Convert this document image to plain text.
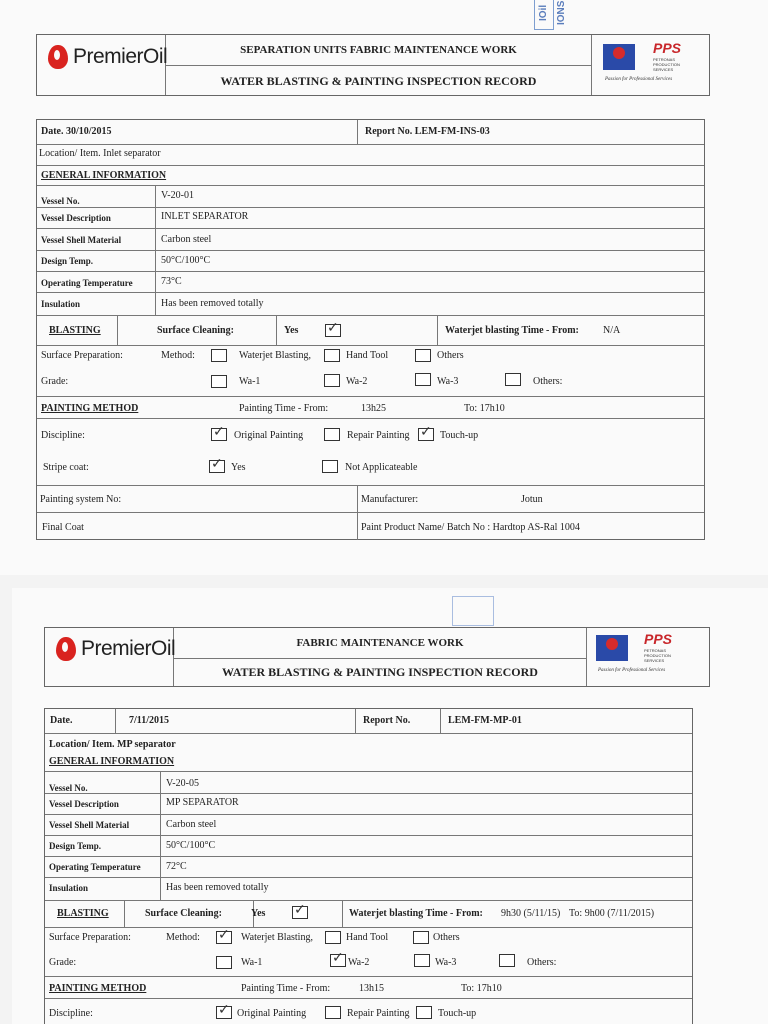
IOil IONS
PremierOil	SEPARATION UNITS FABRIC MAINTENANCE WORK
WATER BLASTING & PAINTING INSPECTION RECORD
PPS
PETRONAS PRODUCTION SERVICES
Passion for Professional Services
Date. 30/10/2015	Report No. LEM-FM-INS-03
Location/ Item. Inlet separator
GENERAL INFORMATION
Vessel No.	V-20-01
Vessel Description	INLET SEPARATOR
Vessel Shell Material	Carbon steel
Design Temp.	50°C/100°C
Operating Temperature	73°C
Insulation	Has been removed totally
BLASTING	Surface Cleaning:	Yes ✓	Waterjet blasting Time - From: N/A
Surface Preparation:	Method:	Waterjet Blasting,	Hand Tool	Others
Grade:	Wa-1	Wa-2	Wa-3	Others:
PAINTING METHOD	Painting Time - From:	13h25	To: 17h10
Discipline:	✓ Original Painting	Repair Painting ✓ Touch-up
Stripe coat:	✓ Yes	Not Applicateable
Painting system No:	Manufacturer:	Jotun
Final Coat	Paint Product Name/ Batch No : Hardtop AS-Ral 1004
PremierOil	FABRIC MAINTENANCE WORK
WATER BLASTING & PAINTING INSPECTION RECORD
PPS
PETRONAS PRODUCTION SERVICES
Passion for Professional Services
Date.	7/11/2015	Report No.	LEM-FM-MP-01
Location/ Item. MP separator
GENERAL INFORMATION
Vessel No.	V-20-05
Vessel Description	MP SEPARATOR
Vessel Shell Material	Carbon steel
Design Temp.	50°C/100°C
Operating Temperature	72°C
Insulation	Has been removed totally
BLASTING	Surface Cleaning:	Yes ✓	Waterjet blasting Time - From: 9h30 (5/11/15) To: 9h00 (7/11/2015)
Surface Preparation:	Method: ✓ Waterjet Blasting,	Hand Tool	Others
Grade:	Wa-1	✓ Wa-2	Wa-3	Others:
PAINTING METHOD	Painting Time - From:	13h15	To: 17h10
Discipline:	✓ Original Painting	Repair Painting	Touch-up
